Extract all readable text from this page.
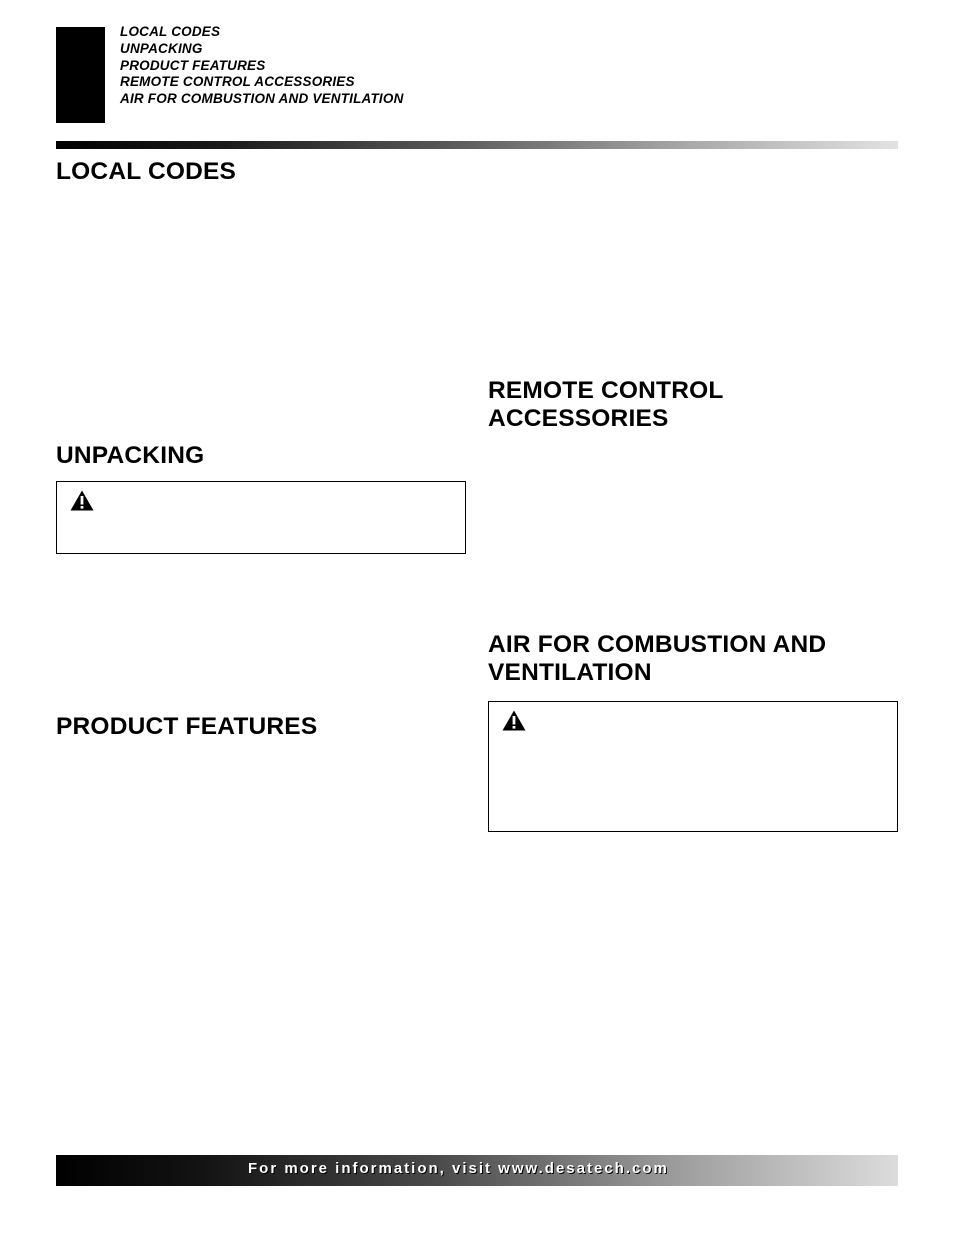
LOCAL CODES
UNPACKING
PRODUCT FEATURES
REMOTE CONTROL ACCESSORIES
AIR FOR COMBUSTION AND VENTILATION
LOCAL CODES
UNPACKING
PRODUCT FEATURES
REMOTE CONTROL
ACCESSORIES
AIR FOR COMBUSTION AND
VENTILATION
For more information, visit www.desatech.com
